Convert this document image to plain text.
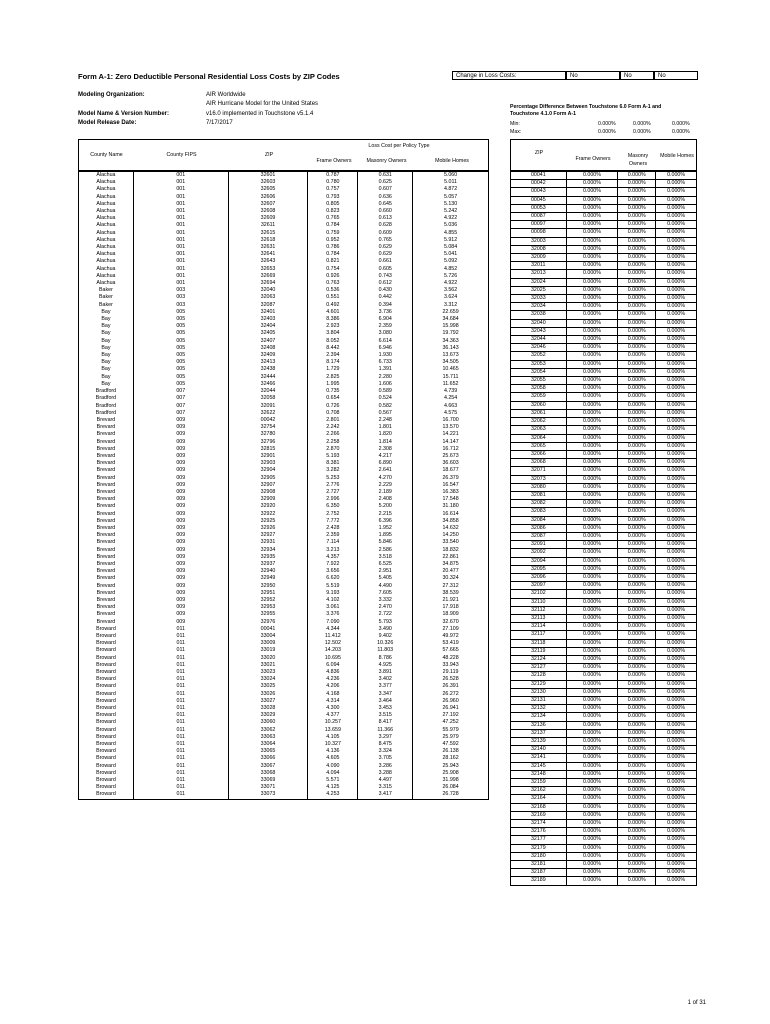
Form A-1: Zero Deductible Personal Residential Loss Costs by ZIP Codes	Change in Loss Costs:	No	No	No
Modeling Organization:	AIR Worldwide
AIR Hurricane Model for the United States
Model Name & Version Number:	v16.0 implemented in Touchstone v5.1.4
Model Release Date:	7/17/2017
Percentage Difference Between Touchstone 6.0 Form A-1 and Touchstone 4.1.0 Form A-1
Min:	0.000%	0.000%	0.000%
Max:	0.000%	0.000%	0.000%
County Name	County FIPS	ZIP
Loss Cost per Policy Type
Frame Owners	Masonry Owners	Mobile Homes
ZIP
Frame Owners	Masonry Owners
Mobile Homes
Alachua	001	32601	0.787	0.631	5.060
Alachua	001	32603	0.780	0.625	5.011
Alachua	001	32605	0.757	0.607	4.872
Alachua	001	32606	0.793	0.636	5.057
Alachua	001	32607	0.805	0.645	5.130
Alachua	001	32608	0.823	0.660	5.242
Alachua	001	32609	0.765	0.613	4.922
Alachua	001	32611	0.784	0.628	5.036
Alachua	001	32615	0.759	0.609	4.855
Alachua	001	32618	0.952	0.765	5.912
Alachua	001	32631	0.786	0.629	5.084
Alachua	001	32641	0.784	0.629	5.041
Alachua	001	32643	0.821	0.661	5.092
Alachua	001	32653	0.754	0.605	4.852
Alachua	001	32669	0.926	0.743	5.726
Alachua	001	32694	0.763	0.612	4.922
Baker	003	32040	0.536	0.430	3.562
Baker	003	32063	0.551	0.442	3.624
Baker	003	32087	0.492	0.394	3.312
Bay	005	32401	4.601	3.736	22.659
Bay	005	32403	8.386	6.904	34.684
Bay	005	32404	2.923	2.359	15.998
Bay	005	32405	3.804	3.080	19.792
Bay	005	32407	8.052	6.614	34.363
Bay	005	32408	8.442	6.946	36.143
Bay	005	32409	2.394	1.930	13.673
Bay	005	32413	8.174	6.733	34.505
Bay	005	32438	1.729	1.391	10.465
Bay	005	32444	2.825	2.280	15.711
Bay	005	32466	1.995	1.606	11.652
Bradford	007	32044	0.735	0.589	4.739
Bradford	007	32058	0.654	0.524	4.254
Bradford	007	32091	0.726	0.582	4.663
Bradford	007	32622	0.708	0.567	4.575
Brevard	009	00042	2.801	2.248	16.700
Brevard	009	32754	2.242	1.801	13.570
Brevard	009	32780	2.266	1.820	14.221
Brevard	009	32796	2.258	1.814	14.147
Brevard	009	32815	2.870	2.308	16.712
Brevard	009	32901	5.193	4.217	25.673
Brevard	009	32903	8.381	6.890	36.603
Brevard	009	32904	3.282	2.641	18.677
Brevard	009	32905	5.253	4.270	26.379
Brevard	009	32907	2.776	2.229	16.547
Brevard	009	32908	2.727	2.189	16.383
Brevard	009	32909	2.996	2.408	17.548
Brevard	009	32920	6.350	5.200	31.180
Brevard	009	32922	2.752	2.215	16.614
Brevard	009	32925	7.772	6.396	34.858
Brevard	009	32926	2.428	1.952	14.632
Brevard	009	32927	2.359	1.895	14.250
Brevard	009	32931	7.114	5.846	33.540
Brevard	009	32934	3.213	2.586	18.832
Brevard	009	32935	4.357	3.518	22.861
Brevard	009	32937	7.922	6.525	34.875
Brevard	009	32940	3.656	2.951	20.477
Brevard	009	32949	6.620	5.405	30.324
Brevard	009	32950	5.519	4.490	27.312
Brevard	009	32951	9.193	7.605	38.539
Brevard	009	32952	4.102	3.332	21.921
Brevard	009	32953	3.061	2.470	17.918
Brevard	009	32955	3.376	2.722	18.909
Brevard	009	32976	7.090	5.793	32.670
Broward	011	00041	4.344	3.490	27.109
Broward	011	33004	11.412	9.402	49.972
Broward	011	33009	12.502	10.326	53.419
Broward	011	33019	14.203	11.803	57.665
Broward	011	33020	10.695	8.786	48.228
Broward	011	33021	6.094	4.925	33.943
Broward	011	33023	4.836	3.891	29.119
Broward	011	33024	4.236	3.402	26.528
Broward	011	33025	4.206	3.377	26.391
Broward	011	33026	4.168	3.347	26.272
Broward	011	33027	4.314	3.464	26.960
Broward	011	33028	4.300	3.453	26.941
Broward	011	33029	4.377	3.515	27.192
Broward	011	33060	10.257	8.417	47.252
Broward	011	33062	13.659	11.366	55.979
Broward	011	33063	4.105	3.297	25.979
Broward	011	33064	10.327	8.475	47.592
Broward	011	33065	4.136	3.324	26.138
Broward	011	33066	4.605	3.705	28.162
Broward	011	33067	4.090	3.286	25.943
Broward	011	33068	4.094	3.288	25.908
Broward	011	33069	5.571	4.497	31.998
Broward	011	33071	4.125	3.315	26.084
Broward	011	33073	4.253	3.417	26.728
00041	0.000%	0.000%	0.000%
00042	0.000%	0.000%	0.000%
00043	0.000%	0.000%	0.000%
00045	0.000%	0.000%	0.000%
00053	0.000%	0.000%	0.000%
00087	0.000%	0.000%	0.000%
00097	0.000%	0.000%	0.000%
00098	0.000%	0.000%	0.000%
32003	0.000%	0.000%	0.000%
32008	0.000%	0.000%	0.000%
32009	0.000%	0.000%	0.000%
32011	0.000%	0.000%	0.000%
32013	0.000%	0.000%	0.000%
32024	0.000%	0.000%	0.000%
32025	0.000%	0.000%	0.000%
32033	0.000%	0.000%	0.000%
32034	0.000%	0.000%	0.000%
32038	0.000%	0.000%	0.000%
32040	0.000%	0.000%	0.000%
32043	0.000%	0.000%	0.000%
32044	0.000%	0.000%	0.000%
32046	0.000%	0.000%	0.000%
32052	0.000%	0.000%	0.000%
32053	0.000%	0.000%	0.000%
32054	0.000%	0.000%	0.000%
32055	0.000%	0.000%	0.000%
32058	0.000%	0.000%	0.000%
32059	0.000%	0.000%	0.000%
32060	0.000%	0.000%	0.000%
32061	0.000%	0.000%	0.000%
32062	0.000%	0.000%	0.000%
32063	0.000%	0.000%	0.000%
32064	0.000%	0.000%	0.000%
32065	0.000%	0.000%	0.000%
32066	0.000%	0.000%	0.000%
32068	0.000%	0.000%	0.000%
32071	0.000%	0.000%	0.000%
32073	0.000%	0.000%	0.000%
32080	0.000%	0.000%	0.000%
32081	0.000%	0.000%	0.000%
32082	0.000%	0.000%	0.000%
32083	0.000%	0.000%	0.000%
32084	0.000%	0.000%	0.000%
32086	0.000%	0.000%	0.000%
32087	0.000%	0.000%	0.000%
32091	0.000%	0.000%	0.000%
32092	0.000%	0.000%	0.000%
32094	0.000%	0.000%	0.000%
32095	0.000%	0.000%	0.000%
32096	0.000%	0.000%	0.000%
32097	0.000%	0.000%	0.000%
32102	0.000%	0.000%	0.000%
32110	0.000%	0.000%	0.000%
32112	0.000%	0.000%	0.000%
32113	0.000%	0.000%	0.000%
32114	0.000%	0.000%	0.000%
32117	0.000%	0.000%	0.000%
32118	0.000%	0.000%	0.000%
32119	0.000%	0.000%	0.000%
32124	0.000%	0.000%	0.000%
32127	0.000%	0.000%	0.000%
32128	0.000%	0.000%	0.000%
32129	0.000%	0.000%	0.000%
32130	0.000%	0.000%	0.000%
32131	0.000%	0.000%	0.000%
32132	0.000%	0.000%	0.000%
32134	0.000%	0.000%	0.000%
32136	0.000%	0.000%	0.000%
32137	0.000%	0.000%	0.000%
32139	0.000%	0.000%	0.000%
32140	0.000%	0.000%	0.000%
32141	0.000%	0.000%	0.000%
32145	0.000%	0.000%	0.000%
32148	0.000%	0.000%	0.000%
32159	0.000%	0.000%	0.000%
32162	0.000%	0.000%	0.000%
32164	0.000%	0.000%	0.000%
32168	0.000%	0.000%	0.000%
32169	0.000%	0.000%	0.000%
32174	0.000%	0.000%	0.000%
32176	0.000%	0.000%	0.000%
32177	0.000%	0.000%	0.000%
32179	0.000%	0.000%	0.000%
32180	0.000%	0.000%	0.000%
32181	0.000%	0.000%	0.000%
32187	0.000%	0.000%	0.000%
32189	0.000%	0.000%	0.000%
1 of 31
